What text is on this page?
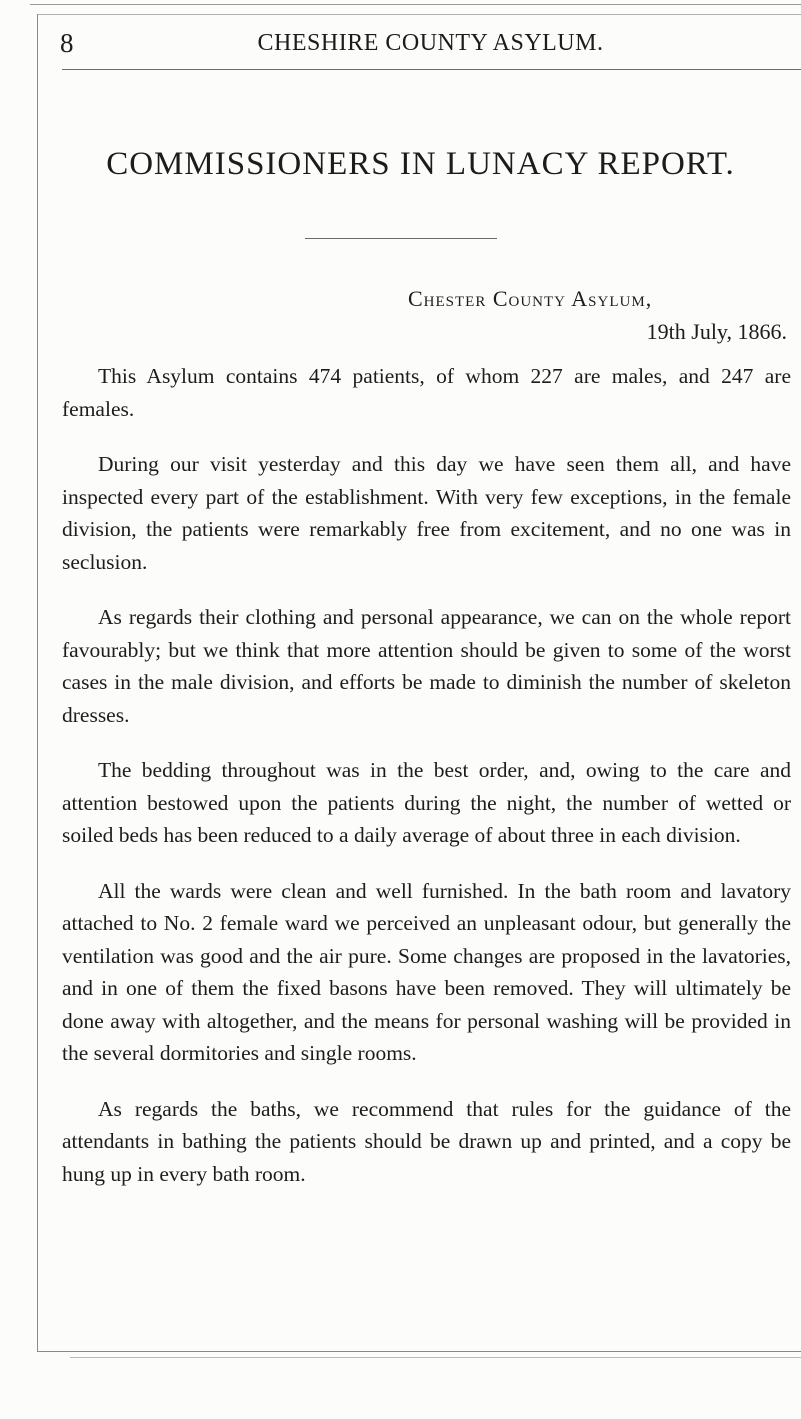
8	CHESHIRE COUNTY ASYLUM.
COMMISSIONERS IN LUNACY REPORT.
Chester County Asylum,
19th July, 1866.

This Asylum contains 474 patients, of whom 227 are males, and 247 are females.

During our visit yesterday and this day we have seen them all, and have inspected every part of the establishment. With very few exceptions, in the female division, the patients were remarkably free from excitement, and no one was in seclusion.

As regards their clothing and personal appearance, we can on the whole report favourably; but we think that more attention should be given to some of the worst cases in the male division, and efforts be made to diminish the number of skeleton dresses.

The bedding throughout was in the best order, and, owing to the care and attention bestowed upon the patients during the night, the number of wetted or soiled beds has been reduced to a daily average of about three in each division.

All the wards were clean and well furnished. In the bath room and lavatory attached to No. 2 female ward we perceived an unpleasant odour, but generally the ventilation was good and the air pure. Some changes are proposed in the lavatories, and in one of them the fixed basons have been removed. They will ultimately be done away with altogether, and the means for personal washing will be provided in the several dormitories and single rooms.

As regards the baths, we recommend that rules for the guidance of the attendants in bathing the patients should be drawn up and printed, and a copy be hung up in every bath room.
